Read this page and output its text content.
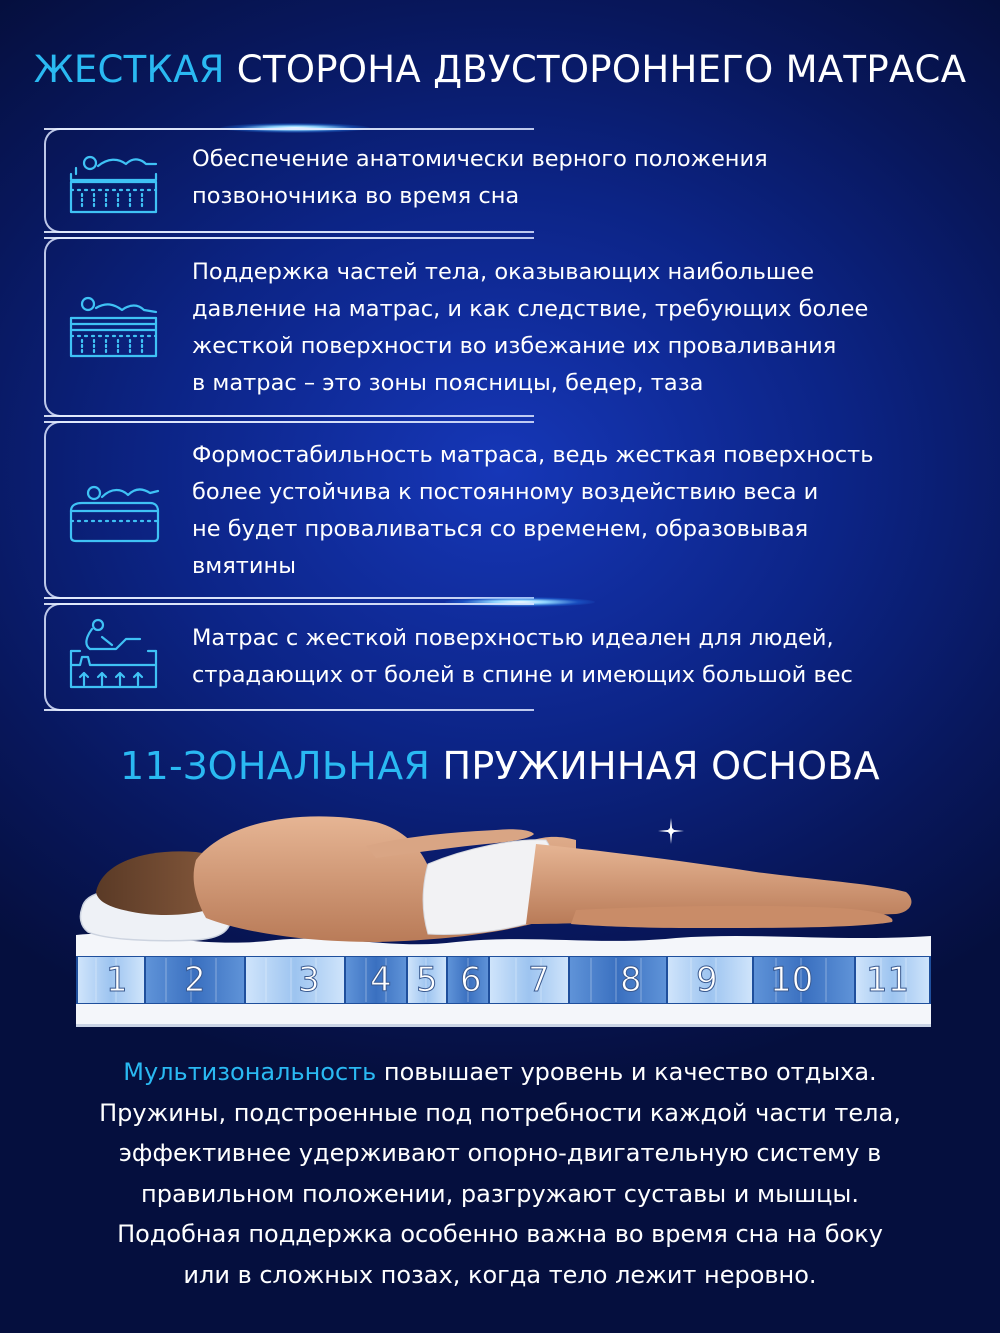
ЖЕСТКАЯ СТОРОНА ДВУСТОРОННЕГО МАТРАСА
Обеспечение анатомически верного положения
позвоночника во время сна
Поддержка частей тела, оказывающих наибольшее
давление на матрас, и как следствие, требующих более
жесткой поверхности во избежание их проваливания
в матрас – это зоны поясницы, бедер, таза
Формостабильность матраса, ведь жесткая поверхность
более устойчива к постоянному воздействию веса и
не будет проваливаться со временем, образовывая
вмятины
Матрас с жесткой поверхностью идеален для людей,
страдающих от болей в спине и имеющих большой вес
11-ЗОНАЛЬНАЯ ПРУЖИННАЯ ОСНОВА
1 2	3 4 5 6 7 8 9 10 11
Мультизональность повышает уровень и качество отдыха.
Пружины, подстроенные под потребности каждой части тела,
эффективнее удерживают опорно-двигательную систему в
правильном положении, разгружают суставы и мышцы.
Подобная поддержка особенно важна во время сна на боку
или в сложных позах, когда тело лежит неровно.
